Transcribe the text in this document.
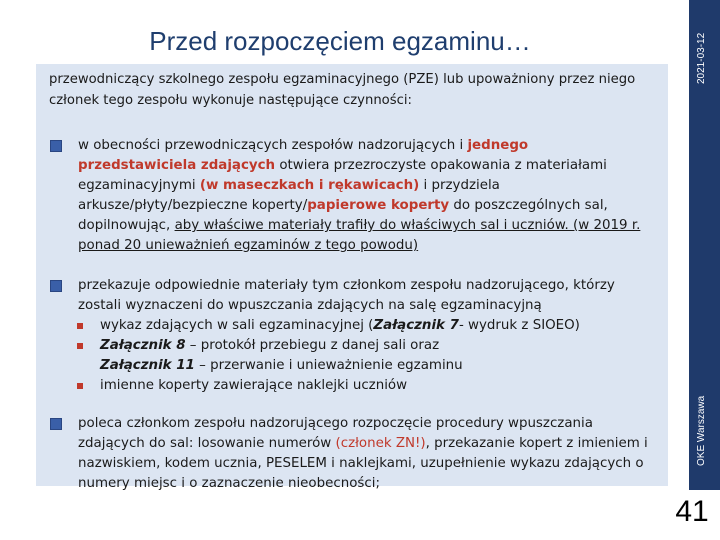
2021-03-12
OKE Warszawa
Przed rozpoczęciem egzaminu…
przewodniczący szkolnego zespołu egzaminacyjnego (PZE) lub upoważniony przez niego członek tego zespołu wykonuje następujące czynności:
w obecności przewodniczących zespołów nadzorujących i jednego przedstawiciela zdających otwiera przezroczyste opakowania z materiałami egzaminacyjnymi (w maseczkach i rękawicach) i przydziela arkusze/płyty/bezpieczne koperty/papierowe koperty do poszczególnych sal, dopilnowując, aby właściwe materiały trafiły do właściwych sal i uczniów. (w 2019 r. ponad 20 unieważnień egzaminów z tego powodu)
przekazuje odpowiednie materiały tym członkom zespołu nadzorującego, którzy zostali wyznaczeni do wpuszczania zdających na salę egzaminacyjną
wykaz zdających w sali egzaminacyjnej (Załącznik 7- wydruk z SIOEO)
Załącznik 8 – protokół przebiegu z danej sali oraz
Załącznik 11 – przerwanie i unieważnienie egzaminu
imienne koperty zawierające naklejki uczniów
poleca członkom zespołu nadzorującego rozpoczęcie procedury wpuszczania zdających do sal: losowanie numerów (członek ZN!), przekazanie kopert z imieniem i nazwiskiem, kodem ucznia, PESELEM i naklejkami, uzupełnienie wykazu zdających o numery miejsc i o zaznaczenie nieobecności;
41
